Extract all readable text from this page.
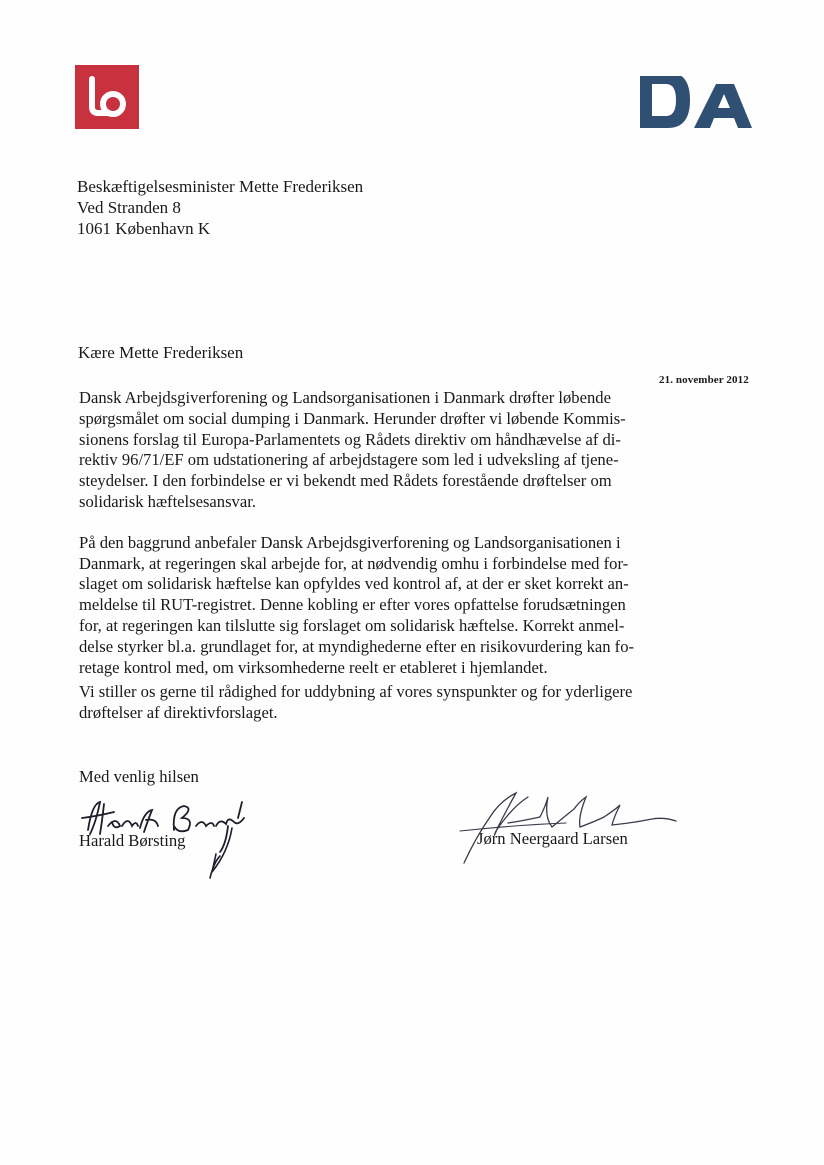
Beskæftigelsesminister Mette Frederiksen
Ved Stranden 8
1061 København K
Kære Mette Frederiksen
21. november 2012
Dansk Arbejdsgiverforening og Landsorganisationen i Danmark drøfter løbende
spørgsmålet om social dumping i Danmark. Herunder drøfter vi løbende Kommis-
sionens forslag til Europa-Parlamentets og Rådets direktiv om håndhævelse af di-
rektiv 96/71/EF om udstationering af arbejdstagere som led i udveksling af tjene-
steydelser. I den forbindelse er vi bekendt med Rådets forestående drøftelser om
solidarisk hæftelsesansvar.
På den baggrund anbefaler Dansk Arbejdsgiverforening og Landsorganisationen i
Danmark, at regeringen skal arbejde for, at nødvendig omhu i forbindelse med for-
slaget om solidarisk hæftelse kan opfyldes ved kontrol af, at der er sket korrekt an-
meldelse til RUT-registret. Denne kobling er efter vores opfattelse forudsætningen
for, at regeringen kan tilslutte sig forslaget om solidarisk hæftelse. Korrekt anmel-
delse styrker bl.a. grundlaget for, at myndighederne efter en risikovurdering kan fo-
retage kontrol med, om virksomhederne reelt er etableret i hjemlandet.
Vi stiller os gerne til rådighed for uddybning af vores synspunkter og for yderligere
drøftelser af direktivforslaget.
Med venlig hilsen
Harald Børsting	Jørn Neergaard Larsen
